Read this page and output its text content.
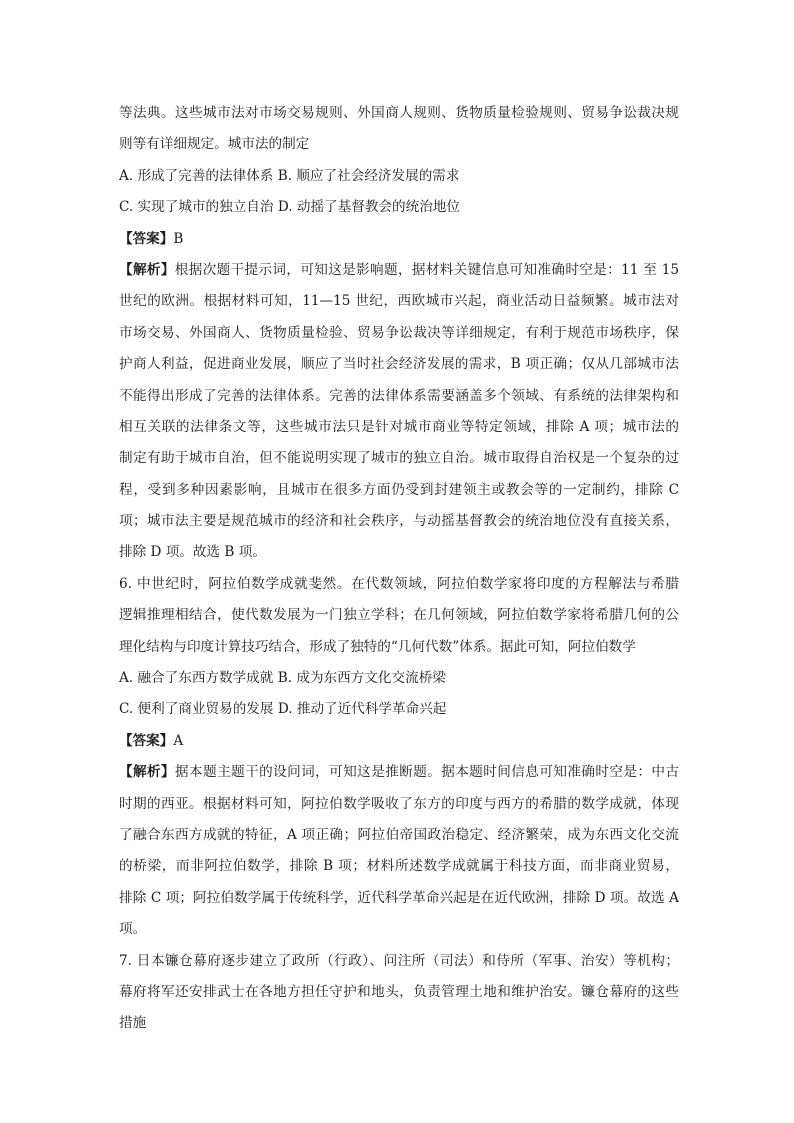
等法典。这些城市法对市场交易规则、外国商人规则、货物质量检验规则、贸易争讼裁决规
则等有详细规定。城市法的制定
A. 形成了完善的法律体系 B. 顺应了社会经济发展的需求
C. 实现了城市的独立自治 D. 动摇了基督教会的统治地位
【答案】B
【解析】根据次题干提示词，可知这是影响题，据材料关键信息可知准确时空是：11 至 15
世纪的欧洲。根据材料可知，11—15 世纪，西欧城市兴起，商业活动日益频繁。城市法对
市场交易、外国商人、货物质量检验、贸易争讼裁决等详细规定，有利于规范市场秩序，保
护商人利益，促进商业发展，顺应了当时社会经济发展的需求，B 项正确；仅从几部城市法
不能得出形成了完善的法律体系。完善的法律体系需要涵盖多个领域、有系统的法律架构和
相互关联的法律条文等，这些城市法只是针对城市商业等特定领域，排除 A 项；城市法的
制定有助于城市自治，但不能说明实现了城市的独立自治。城市取得自治权是一个复杂的过
程，受到多种因素影响，且城市在很多方面仍受到封建领主或教会等的一定制约，排除 C
项；城市法主要是规范城市的经济和社会秩序，与动摇基督教会的统治地位没有直接关系，
排除 D 项。故选 B 项。
6. 中世纪时，阿拉伯数学成就斐然。在代数领域，阿拉伯数学家将印度的方程解法与希腊
逻辑推理相结合，使代数发展为一门独立学科；在几何领域，阿拉伯数学家将希腊几何的公
理化结构与印度计算技巧结合，形成了独特的“几何代数”体系。据此可知，阿拉伯数学
A. 融合了东西方数学成就 B. 成为东西方文化交流桥梁
C. 便利了商业贸易的发展 D. 推动了近代科学革命兴起
【答案】A
【解析】据本题主题干的设问词，可知这是推断题。据本题时间信息可知准确时空是：中古
时期的西亚。根据材料可知，阿拉伯数学吸收了东方的印度与西方的希腊的数学成就，体现
了融合东西方成就的特征，A 项正确；阿拉伯帝国政治稳定、经济繁荣，成为东西文化交流
的桥梁，而非阿拉伯数学，排除 B 项；材料所述数学成就属于科技方面，而非商业贸易，
排除 C 项；阿拉伯数学属于传统科学，近代科学革命兴起是在近代欧洲，排除 D 项。故选 A
项。
7. 日本镰仓幕府逐步建立了政所（行政）、问注所（司法）和侍所（军事、治安）等机构；
幕府将军还安排武士在各地方担任守护和地头，负责管理土地和维护治安。镰仓幕府的这些
措施
